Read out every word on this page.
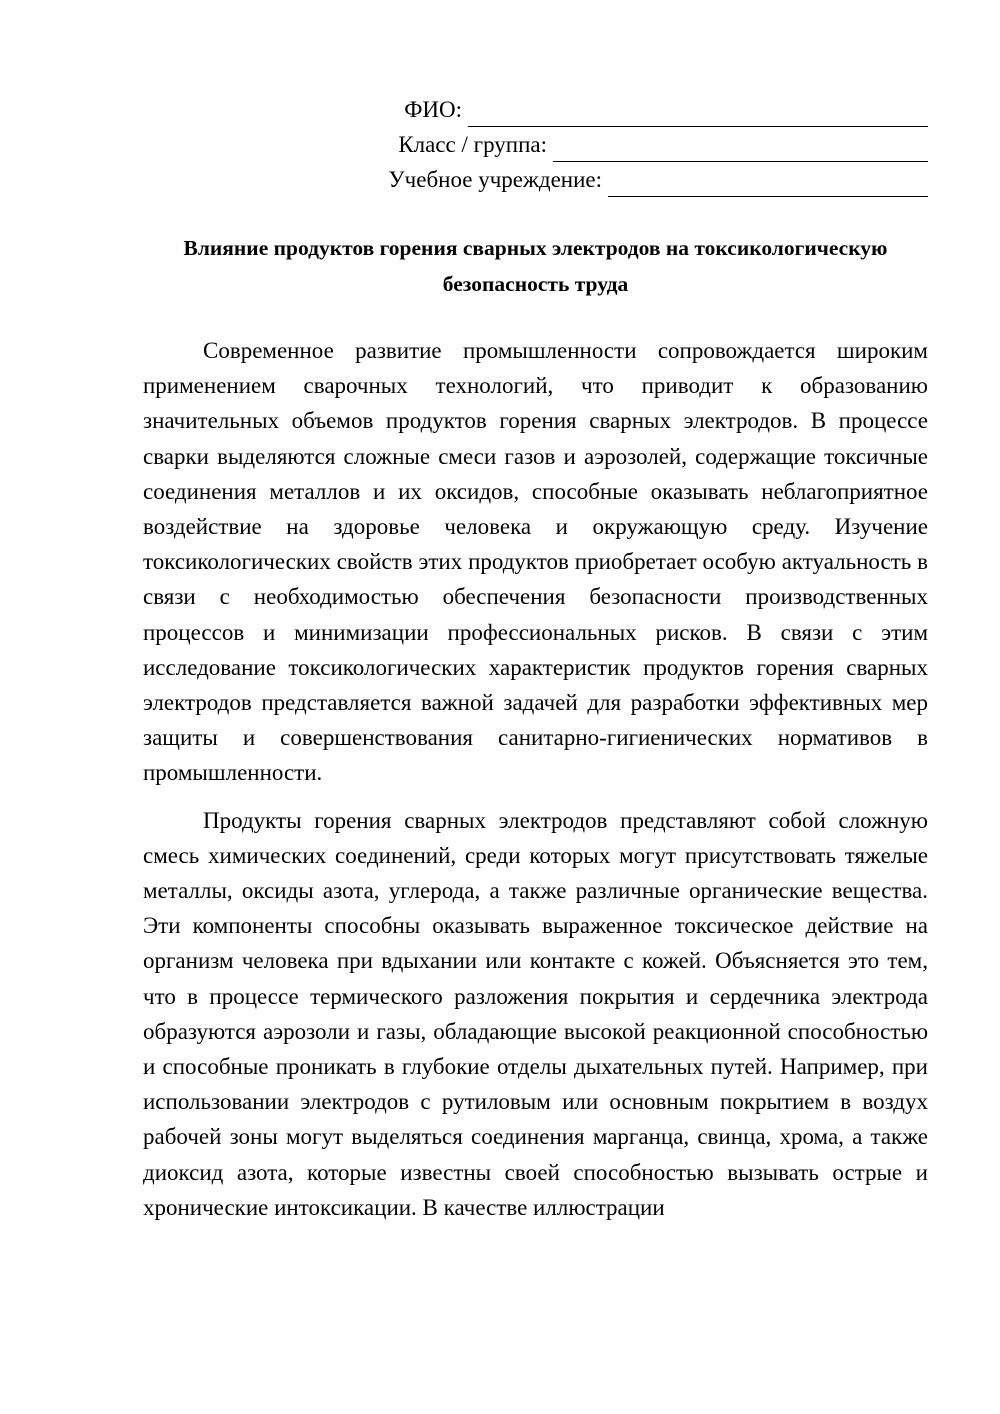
ФИО:
Класс / группа:
Учебное учреждение:
Влияние продуктов горения сварных электродов на токсикологическую безопасность труда

Современное развитие промышленности сопровождается широким применением сварочных технологий, что приводит к образованию значительных объемов продуктов горения сварных электродов. В процессе сварки выделяются сложные смеси газов и аэрозолей, содержащие токсичные соединения металлов и их оксидов, способные оказывать неблагоприятное воздействие на здоровье человека и окружающую среду. Изучение токсикологических свойств этих продуктов приобретает особую актуальность в связи с необходимостью обеспечения безопасности производственных процессов и минимизации профессиональных рисков. В связи с этим исследование токсикологических характеристик продуктов горения сварных электродов представляется важной задачей для разработки эффективных мер защиты и совершенствования санитарно-гигиенических нормативов в промышленности.

Продукты горения сварных электродов представляют собой сложную смесь химических соединений, среди которых могут присутствовать тяжелые металлы, оксиды азота, углерода, а также различные органические вещества. Эти компоненты способны оказывать выраженное токсическое действие на организм человека при вдыхании или контакте с кожей. Объясняется это тем, что в процессе термического разложения покрытия и сердечника электрода образуются аэрозоли и газы, обладающие высокой реакционной способностью и способные проникать в глубокие отделы дыхательных путей. Например, при использовании электродов с рутиловым или основным покрытием в воздух рабочей зоны могут выделяться соединения марганца, свинца, хрома, а также диоксид азота, которые известны своей способностью вызывать острые и хронические интоксикации. В качестве иллюстрации
